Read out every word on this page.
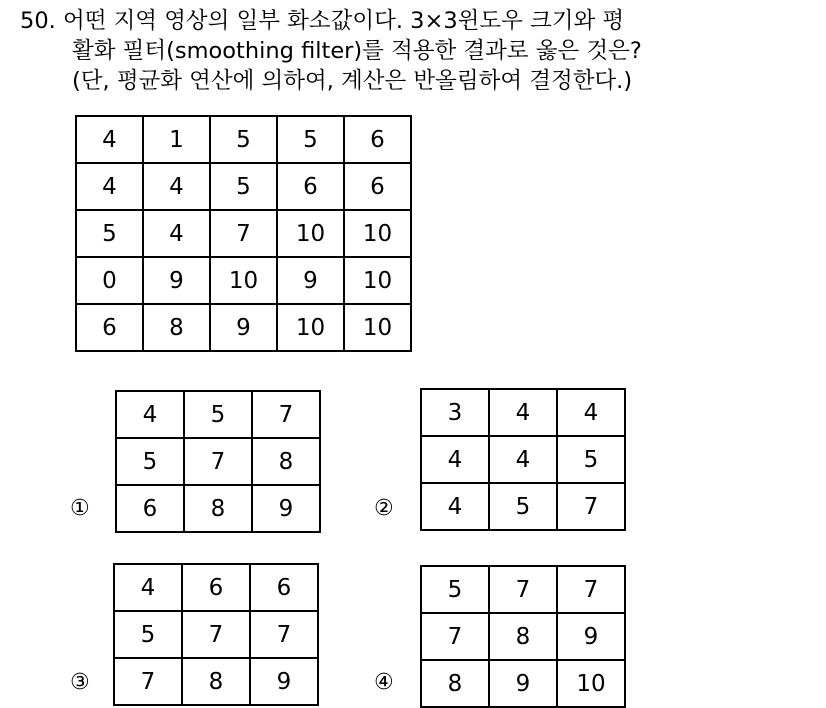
50. 어떤 지역 영상의 일부 화소값이다. 3×3윈도우 크기와 평
활화 필터(smoothing filter)를 적용한 결과로 옳은 것은?
(단, 평균화 연산에 의하여, 계산은 반올림하여 결정한다.)
4	1	5	5	6
4	4	5	6	6
5	4	7	10	10
0	9	10	9	10
6	8	9	10	10
①
4	5	7
5	7	8
6	8	9	②
3	4	4
4	4	5
4	5	7
③
4	6	6
5	7	7
7	8	9	④
5	7	7
7	8	9
8	9	10
